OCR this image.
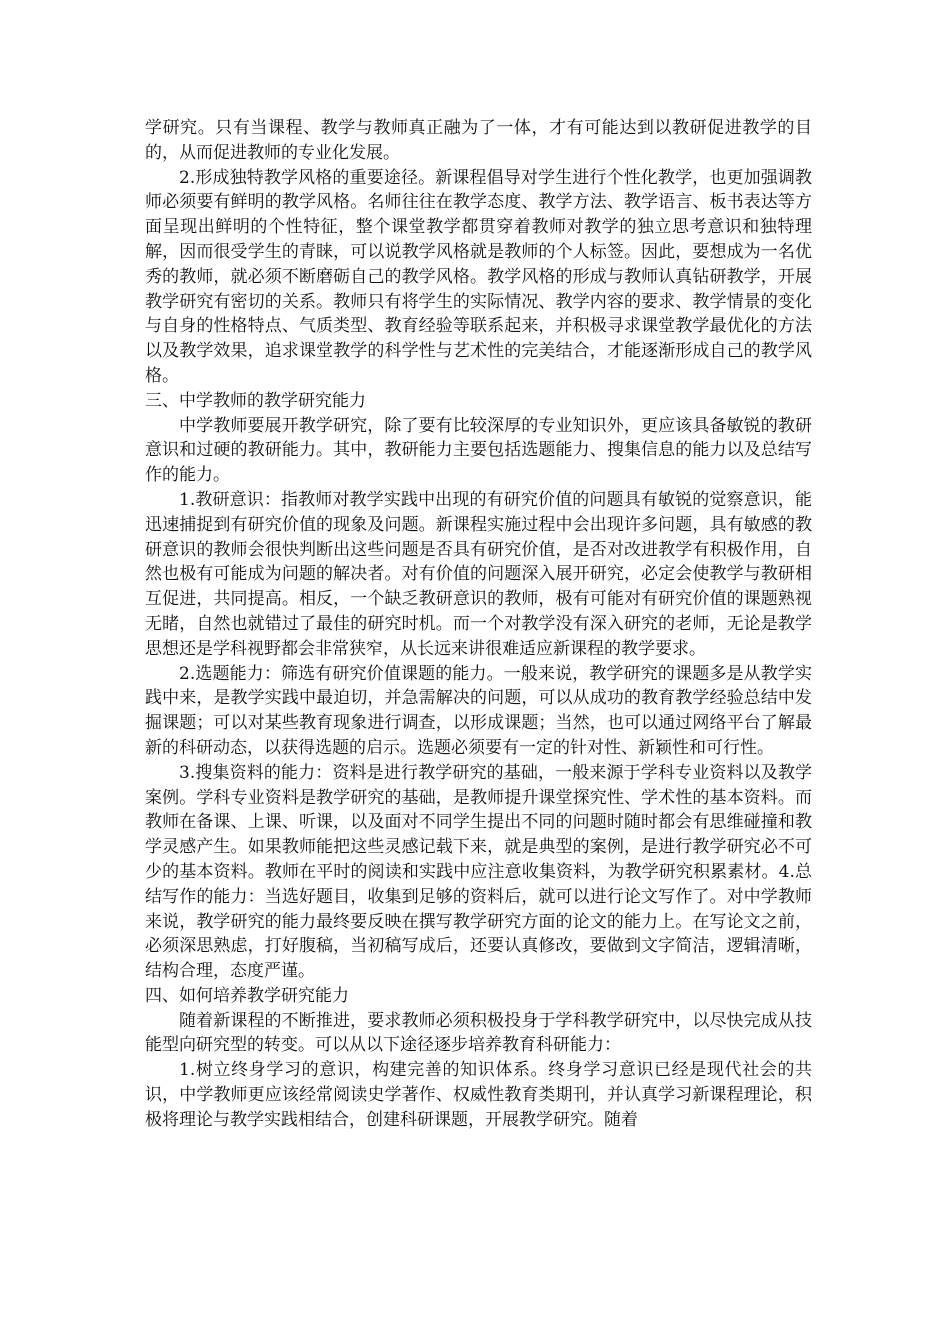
学研究。只有当课程、教学与教师真正融为了一体，才有可能达到以教研促进教学的目的，从而促进教师的专业化发展。

2.形成独特教学风格的重要途径。新课程倡导对学生进行个性化教学，也更加强调教师必须要有鲜明的教学风格。名师往往在教学态度、教学方法、教学语言、板书表达等方面呈现出鲜明的个性特征，整个课堂教学都贯穿着教师对教学的独立思考意识和独特理解，因而很受学生的青睐，可以说教学风格就是教师的个人标签。因此，要想成为一名优秀的教师，就必须不断磨砺自己的教学风格。教学风格的形成与教师认真钻研教学，开展教学研究有密切的关系。教师只有将学生的实际情况、教学内容的要求、教学情景的变化与自身的性格特点、气质类型、教育经验等联系起来，并积极寻求课堂教学最优化的方法以及教学效果，追求课堂教学的科学性与艺术性的完美结合，才能逐渐形成自己的教学风格。

三、中学教师的教学研究能力

中学教师要展开教学研究，除了要有比较深厚的专业知识外，更应该具备敏锐的教研意识和过硬的教研能力。其中，教研能力主要包括选题能力、搜集信息的能力以及总结写作的能力。

1.教研意识：指教师对教学实践中出现的有研究价值的问题具有敏锐的觉察意识，能迅速捕捉到有研究价值的现象及问题。新课程实施过程中会出现许多问题，具有敏感的教研意识的教师会很快判断出这些问题是否具有研究价值，是否对改进教学有积极作用，自然也极有可能成为问题的解决者。对有价值的问题深入展开研究，必定会使教学与教研相互促进，共同提高。相反，一个缺乏教研意识的教师，极有可能对有研究价值的课题熟视无睹，自然也就错过了最佳的研究时机。而一个对教学没有深入研究的老师，无论是教学思想还是学科视野都会非常狭窄，从长远来讲很难适应新课程的教学要求。

2.选题能力：筛选有研究价值课题的能力。一般来说，教学研究的课题多是从教学实践中来，是教学实践中最迫切，并急需解决的问题，可以从成功的教育教学经验总结中发掘课题；可以对某些教育现象进行调查，以形成课题；当然，也可以通过网络平台了解最新的科研动态，以获得选题的启示。选题必须要有一定的针对性、新颖性和可行性。

3.搜集资料的能力：资料是进行教学研究的基础，一般来源于学科专业资料以及教学案例。学科专业资料是教学研究的基础，是教师提升课堂探究性、学术性的基本资料。而教师在备课、上课、听课，以及面对不同学生提出不同的问题时随时都会有思维碰撞和教学灵感产生。如果教师能把这些灵感记载下来，就是典型的案例，是进行教学研究必不可少的基本资料。教师在平时的阅读和实践中应注意收集资料，为教学研究积累素材。4.总结写作的能力：当选好题目，收集到足够的资料后，就可以进行论文写作了。对中学教师来说，教学研究的能力最终要反映在撰写教学研究方面的论文的能力上。在写论文之前，必须深思熟虑，打好腹稿，当初稿写成后，还要认真修改，要做到文字简洁，逻辑清晰，结构合理，态度严谨。

四、如何培养教学研究能力

随着新课程的不断推进，要求教师必须积极投身于学科教学研究中，以尽快完成从技能型向研究型的转变。可以从以下途径逐步培养教育科研能力：

1.树立终身学习的意识，构建完善的知识体系。终身学习意识已经是现代社会的共识，中学教师更应该经常阅读史学著作、权威性教育类期刊，并认真学习新课程理论，积极将理论与教学实践相结合，创建科研课题，开展教学研究。随着
